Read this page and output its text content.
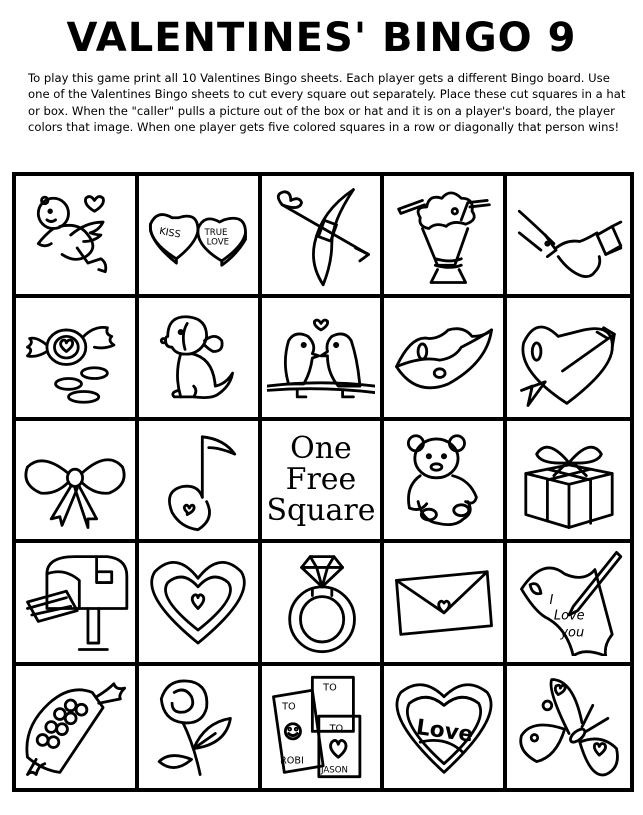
VALENTINES' BINGO 9
To play this game print all 10 Valentines Bingo sheets. Each player gets a different Bingo board. Use one of the Valentines Bingo sheets to cut every square out separately. Place these cut squares in a hat or box. When the "caller" pulls a picture out of the box or hat and it is on a player's board, the player colors that image. When one player gets five colored squares in a row or diagonally that person wins!
KISS	TRUE
LOVE
One
Free
Square
I
Love
you
TO
TO
ROBI
TO
JASON
Love
